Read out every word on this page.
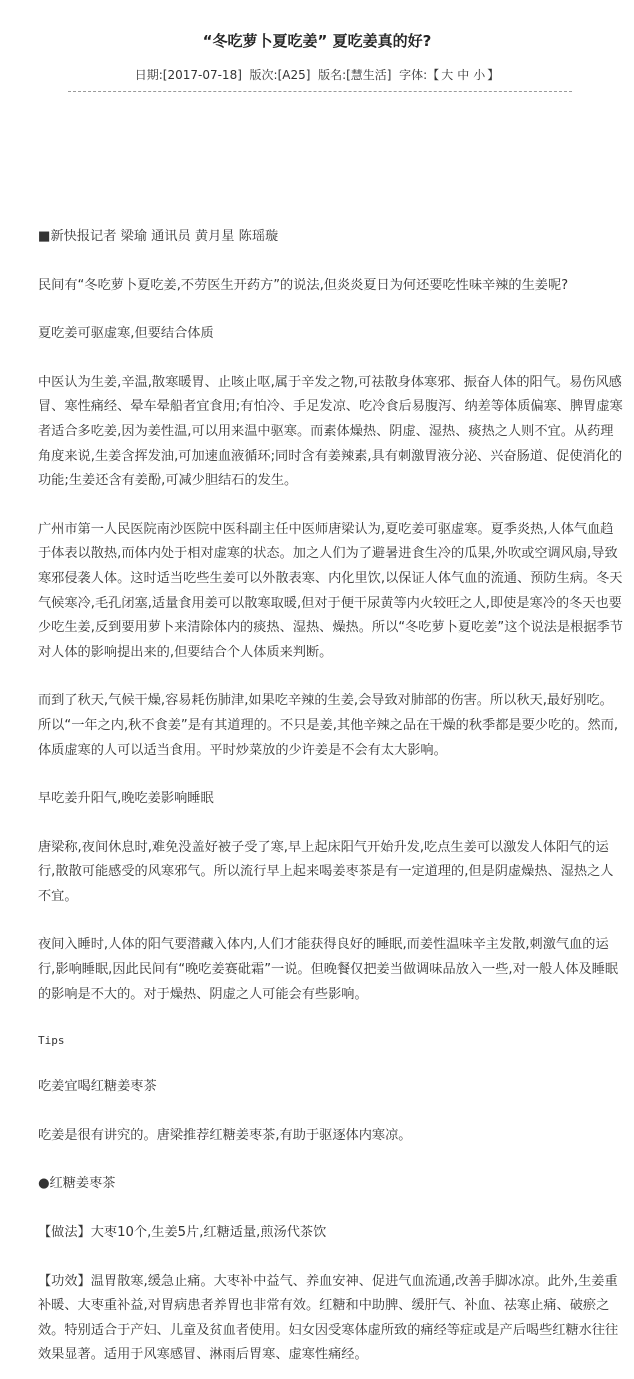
“冬吃萝卜夏吃姜” 夏吃姜真的好?
日期:[2017-07-18] 版次:[A25] 版名:[慧生活] 字体:【 大 中 小 】

■新快报记者 梁瑜 通讯员 黄月星 陈瑶璇

民间有“冬吃萝卜夏吃姜,不劳医生开药方”的说法,但炎炎夏日为何还要吃性味辛辣的生姜呢?

夏吃姜可驱虚寒,但要结合体质

中医认为生姜,辛温,散寒暖胃、止咳止呕,属于辛发之物,可祛散身体寒邪、振奋人体的阳气。易伤风感冒、寒性痛经、晕车晕船者宜食用;有怕冷、手足发凉、吃冷食后易腹泻、纳差等体质偏寒、脾胃虚寒者适合多吃姜,因为姜性温,可以用来温中驱寒。而素体燥热、阴虚、湿热、痰热之人则不宜。从药理角度来说,生姜含挥发油,可加速血液循环;同时含有姜辣素,具有刺激胃液分泌、兴奋肠道、促使消化的功能;生姜还含有姜酚,可减少胆结石的发生。

广州市第一人民医院南沙医院中医科副主任中医师唐梁认为,夏吃姜可驱虚寒。夏季炎热,人体气血趋于体表以散热,而体内处于相对虚寒的状态。加之人们为了避暑进食生冷的瓜果,外吹或空调风扇,导致寒邪侵袭人体。这时适当吃些生姜可以外散表寒、内化里饮,以保证人体气血的流通、预防生病。冬天气候寒冷,毛孔闭塞,适量食用姜可以散寒取暖,但对于便干尿黄等内火较旺之人,即使是寒冷的冬天也要少吃生姜,反到要用萝卜来清除体内的痰热、湿热、燥热。所以“冬吃萝卜夏吃姜”这个说法是根据季节对人体的影响提出来的,但要结合个人体质来判断。

而到了秋天,气候干燥,容易耗伤肺津,如果吃辛辣的生姜,会导致对肺部的伤害。所以秋天,最好别吃。所以“一年之内,秋不食姜”是有其道理的。不只是姜,其他辛辣之品在干燥的秋季都是要少吃的。然而,体质虚寒的人可以适当食用。平时炒菜放的少许姜是不会有太大影响。

早吃姜升阳气,晚吃姜影响睡眠

唐梁称,夜间休息时,难免没盖好被子受了寒,早上起床阳气开始升发,吃点生姜可以激发人体阳气的运行,散散可能感受的风寒邪气。所以流行早上起来喝姜枣茶是有一定道理的,但是阴虚燥热、湿热之人不宜。

夜间入睡时,人体的阳气要潜藏入体内,人们才能获得良好的睡眠,而姜性温味辛主发散,刺激气血的运行,影响睡眠,因此民间有“晚吃姜赛砒霜”一说。但晚餐仅把姜当做调味品放入一些,对一般人体及睡眠的影响是不大的。对于燥热、阴虚之人可能会有些影响。

Tips

吃姜宜喝红糖姜枣茶

吃姜是很有讲究的。唐梁推荐红糖姜枣茶,有助于驱逐体内寒凉。

●红糖姜枣茶

【做法】大枣10个,生姜5片,红糖适量,煎汤代茶饮

【功效】温胃散寒,缓急止痛。大枣补中益气、养血安神、促进气血流通,改善手脚冰凉。此外,生姜重补暖、大枣重补益,对胃病患者养胃也非常有效。红糖和中助脾、缓肝气、补血、祛寒止痛、破瘀之效。特别适合于产妇、儿童及贫血者使用。妇女因受寒体虚所致的痛经等症或是产后喝些红糖水往往效果显著。适用于风寒感冒、淋雨后胃寒、虚寒性痛经。
